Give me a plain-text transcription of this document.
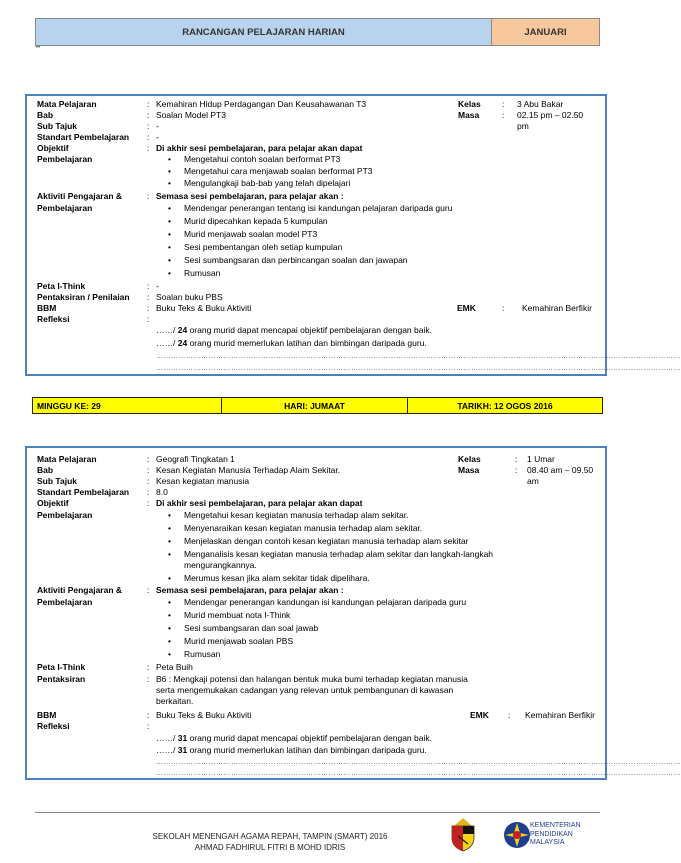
RANCANGAN PELAJARAN HARIAN	JANUARI
••
Mata Pelajaran	: Kemahiran Hidup Perdagangan Dan Keusahawanan T3	Kelas	: 3 Abu Bakar
Bab	: Soalan Model PT3	Masa	: 02.15 pm – 02.50 pm
Sub Tajuk	: -
Standart Pembelajaran : -
Objektif	: Di akhir sesi pembelajaran, para pelajar akan dapat
Pembelajaran	•	Mengetahui contoh soalan berformat PT3
•	Mengetahui cara menjawab soalan berformat PT3
•	Mengulangkaji bab-bab yang telah dipelajari
Aktiviti Pengajaran &	: Semasa sesi pembelajaran, para pelajar akan :
Pembelajaran	•	Mendengar penerangan tentang isi kandungan pelajaran daripada guru
•	Murid dipecahkan kepada 5 kumpulan
•	Murid menjawab soalan model PT3
•	Sesi pembentangan oleh setiap kumpulan
•	Sesi sumbangsaran dan perbincangan soalan dan jawapan
•	Rumusan
Peta I-Think	: -
Pentaksiran / Penilaian : Soalan buku PBS
BBM	: Buku Teks & Buku Aktiviti	EMK	: Kemahiran Berfikir
Refleksi	:
……/ 24 orang murid dapat mencapai objektif pembelajaran dengan baik.
……/ 24 orang murid memerlukan latihan dan bimbingan daripada guru.
…………………………………………………………………………………………………………………………………………………………………………………………
…………………………………………………………………………………………………………………………………………………………………………………………
MINGGU KE: 29	HARI: JUMAAT	TARIKH: 12 OGOS 2016
Mata Pelajaran	: Geografi Tingkatan 1	Kelas	: 1 Umar
Bab	: Kesan Kegiatan Manusia Terhadap Alam Sekitar.	Masa	: 08.40 am – 09.50 am
Sub Tajuk	: Kesan kegiatan manusia
Standart Pembelajaran : 8.0
Objektif	: Di akhir sesi pembelajaran, para pelajar akan dapat
Pembelajaran	•	Mengetahui kesan kegiatan manusia terhadap alam sekitar.
•	Menyenaraikan kesan kegiatan manusia terhadap alam sekitar.
•	Menjelaskan dengan contoh kesan kegiatan manusia terhadap alam sekitar
•	Menganalisis kesan kegiatan manusia terhadap alam sekitar dan langkah-langkah mengurangkannya.
•	Merumus kesan jika alam sekitar tidak dipelihara.
Aktiviti Pengajaran &	: Semasa sesi pembelajaran, para pelajar akan :
Pembelajaran	•	Mendengar penerangan kandungan isi kandungan pelajaran daripada guru
•	Murid membuat nota I-Think
•	Sesi sumbangsaran dan soal jawab
•	Murid menjawab soalan PBS
•	Rumusan
Peta I-Think	: Peta Buih
Pentaksiran	: B6 : Mengkaji potensi dan halangan bentuk muka bumi terhadap kegiatan manusia serta mengemukakan cadangan yang relevan untuk pembangunan di kawasan berkaitan.
BBM	: Buku Teks & Buku Aktiviti	EMK : Kemahiran Berfikir
Refleksi	:
……/ 31 orang murid dapat mencapai objektif pembelajaran dengan baik.
……/ 31 orang murid memerlukan latihan dan bimbingan daripada guru.
…………………………………………………………………………………………………………………………………………………………………………………………
…………………………………………………………………………………………………………………………………………………………………………………………
SEKOLAH MENENGAH AGAMA REPAH, TAMPIN (SMART) 2016
AHMAD FADHIRUL FITRI B MOHD IDRIS
KEMENTERIAN PENDIDIKAN MALAYSIA
